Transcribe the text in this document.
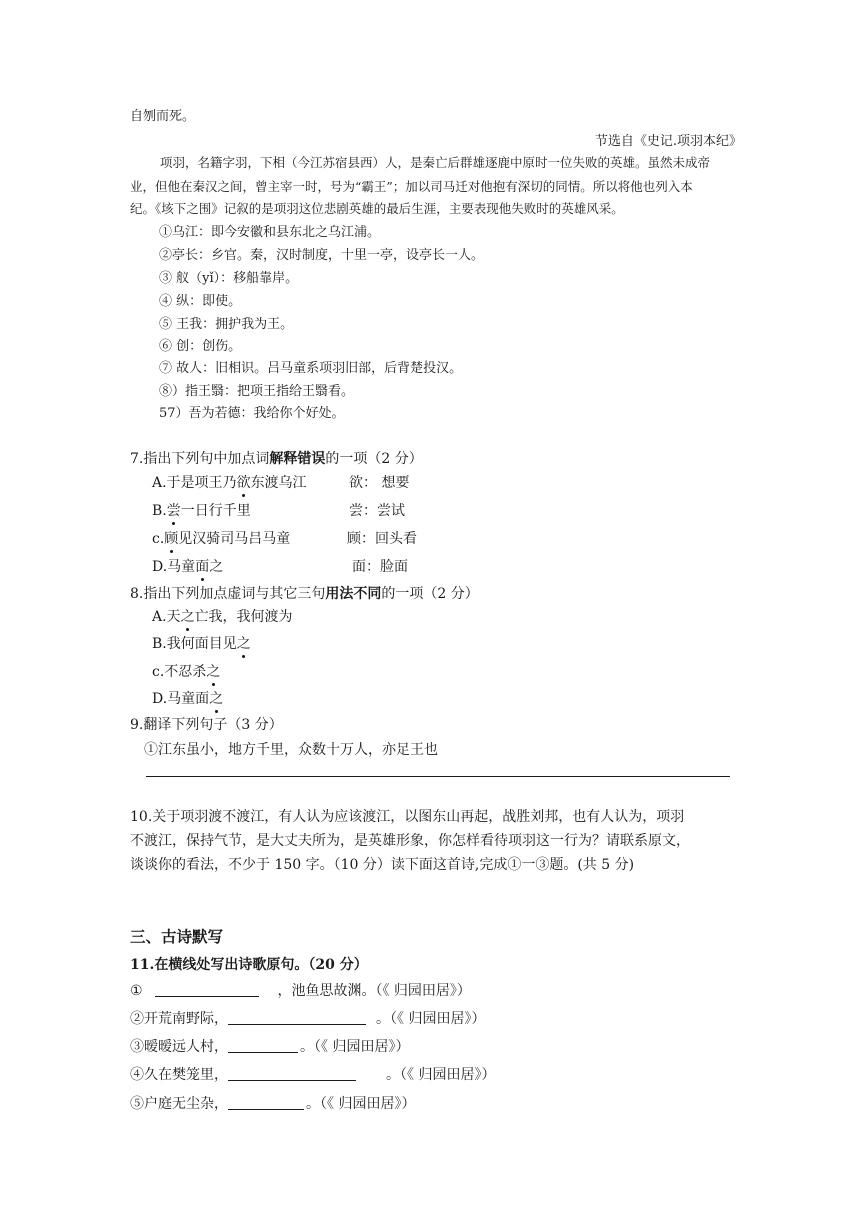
自刎而死。
节选自《史记.项羽本纪》
项羽，名籍字羽，下相（今江苏宿县西）人，是秦亡后群雄逐鹿中原时一位失败的英雄。虽然未成帝
业，但他在秦汉之间，曾主宰一时，号为“霸王”；加以司马迁对他抱有深切的同情。所以将他也列入本
纪。《垓下之围》记叙的是项羽这位悲剧英雄的最后生涯，主要表现他失败时的英雄风采。
①乌江：即今安徽和县东北之乌江浦。
②亭长：乡官。秦，汉时制度，十里一亭，设亭长一人。
③ 舣（yǐ）：移船靠岸。
④ 纵：即使。
⑤ 王我：拥护我为王。
⑥ 创：创伤。
⑦ 故人：旧相识。吕马童系项羽旧部，后背楚投汉。
⑧）指王翳：把项王指给王翳看。
57）吾为若德：我给你个好处。
7.指出下列句中加点词解释错误的一项（2 分）
A.于是项王乃欲东渡乌江	欲： 想要
B.尝一日行千里	尝：尝试
c.顾见汉骑司马吕马童	顾：回头看
D.马童面之	面：脸面
8.指出下列加点虚词与其它三句用法不同的一项（2 分）
A.天之亡我，我何渡为
B.我何面目见之
c.不忍杀之
D.马童面之
9.翻译下列句子（3 分）
①江东虽小，地方千里，众数十万人，亦足王也
10.关于项羽渡不渡江，有人认为应该渡江，以图东山再起，战胜刘邦，也有人认为，项羽
不渡江，保持气节，是大丈夫所为，是英雄形象，你怎样看待项羽这一行为？请联系原文，
谈谈你的看法，不少于 150 字。（10 分）读下面这首诗,完成①一③题。(共 5 分)
三、古诗默写
11.在横线处写出诗歌原句。（20 分）
①	，池鱼思故渊。（《 归园田居》）
②开荒南野际，	。（《 归园田居》）
③暧暧远人村，	。（《 归园田居》）
④久在樊笼里，	。（《 归园田居》）
⑤户庭无尘杂，	。（《 归园田居》）
